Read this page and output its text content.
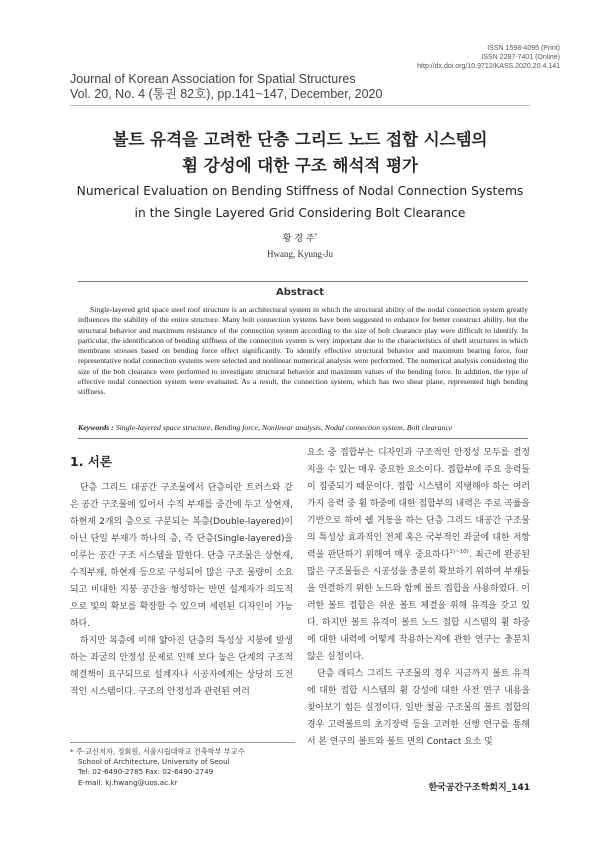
ISSN 1598-4095 (Print)
ISSN 2287-7401 (Online)
http://dx.doi.org/10.9712/KASS.2020.20.4.141
Journal of Korean Association for Spatial Structures
Vol. 20, No. 4 (통권 82호), pp.141~147, December, 2020
볼트 유격을 고려한 단층 그리드 노드 접합 시스템의
휨 강성에 대한 구조 해석적 평가
Numerical Evaluation on Bending Stiffness of Nodal Connection Systems
in the Single Layered Grid Considering Bolt Clearance
황 경 주*
Hwang, Kyung-Ju
Abstract

Single-layered grid space steel roof structure is an architectural system in which the structural ability of the nodal connection system greatly influences the stability of the entire structure. Many bolt connection systems have been suggested to enhance for better construct ability, but the structural behavior and maximum resistance of the connection system according to the size of bolt clearance play were difficult to identify. In particular, the identification of bending stiffness of the connection system is very important due to the characteristics of shell structures in which membrane stresses based on bending force effect significantly. To identify effective structural behavior and maximum bearing force, four representative nodal connection systems were selected and nonlinear numerical analysis were performed. The numerical analysis considering the size of the bolt clearance were performed to investigate structural behavior and maximum values of the bending force. In addition, the type of effective nodal connection system were evaluated. As a result, the connection system, which has two shear plane, represented high bending stiffness.

Keywords : Single-layered space structure, Bending force, Nonlinear analysis, Nodal connection system, Bolt clearance
1. 서론

단층 그리드 대공간 구조물에서 단층이란 트러스와 같은 공간 구조물에 있어서 수직 부재를 중간에 두고 상현재, 하현재 2개의 층으로 구분되는 복층(Double-layered)이 아닌 단일 부재가 하나의 층, 즉 단층(Single-layered)을 이루는 공간 구조 시스템을 말한다. 단층 구조물은 상현재, 수직부재, 하현재 등으로 구성되어 많은 구조 물량이 소요되고 비대한 지붕 공간을 형성하는 반면 설계자가 의도적으로 빛의 확보를 확장할 수 있으며 세련된 디자인이 가능하다.

하지만 복층에 비해 얇아진 단층의 특성상 지붕에 발생하는 좌굴의 안정성 문제로 인해 보다 높은 단계의 구조적 해결책이 요구되므로 설계자나 시공자에게는 상당히 도전적인 시스템이다. 구조의 안정성과 관련된 여러

요소 중 접합부는 디자인과 구조적인 안정성 모두를 결정지을 수 있는 매우 중요한 요소이다. 접합부에 주요 응력들이 집중되기 때문이다. 접합 시스템이 지탱해야 하는 여러 가지 응력 중 휨 하중에 대한 접합부의 내력은 주로 곡률을 기반으로 하여 쉘 거동을 하는 단층 그리드 대공간 구조물의 특성상 효과적인 전체 혹은 국부적인 좌굴에 대한 저항력을 판단하기 위해여 매우 중요하다$^{1)\sim 10)}$. 최근에 완공된 많은 구조물들은 시공성을 충분히 확보하기 위하여 부재들을 연결하기 위한 노드와 함께 볼트 접합을 사용하였다. 이러한 볼트 접합은 쉬운 볼트 체결을 위해 유격을 갖고 있다. 하지만 볼트 유격이 볼트 노드 접합 시스템의 휨 하중에 대한 내력에 어떻게 작용하는지에 관한 연구는 충분치 않은 실정이다.

단층 래티스 그리드 구조물의 경우 지금까지 볼트 유격에 대한 접합 시스템의 휨 강성에 대한 사전 연구 내용을 찾아보기 힘든 실정이다. 일반 철골 구조물의 볼트 접합의 경우 고력볼트의 초기장력 등을 고려한 선행 연구를 통해서 본 연구의 볼트와 볼트 면의 Contact 요소 및

* 주·교신저자, 정회원, 서울시립대학교 건축학부 부교수
School of Architecture, University of Seoul
Tel: 02-6490-2785 Fax: 02-6490-2749
E-mail: kj.hwang@uos.ac.kr
한국공간구조학회지_141
